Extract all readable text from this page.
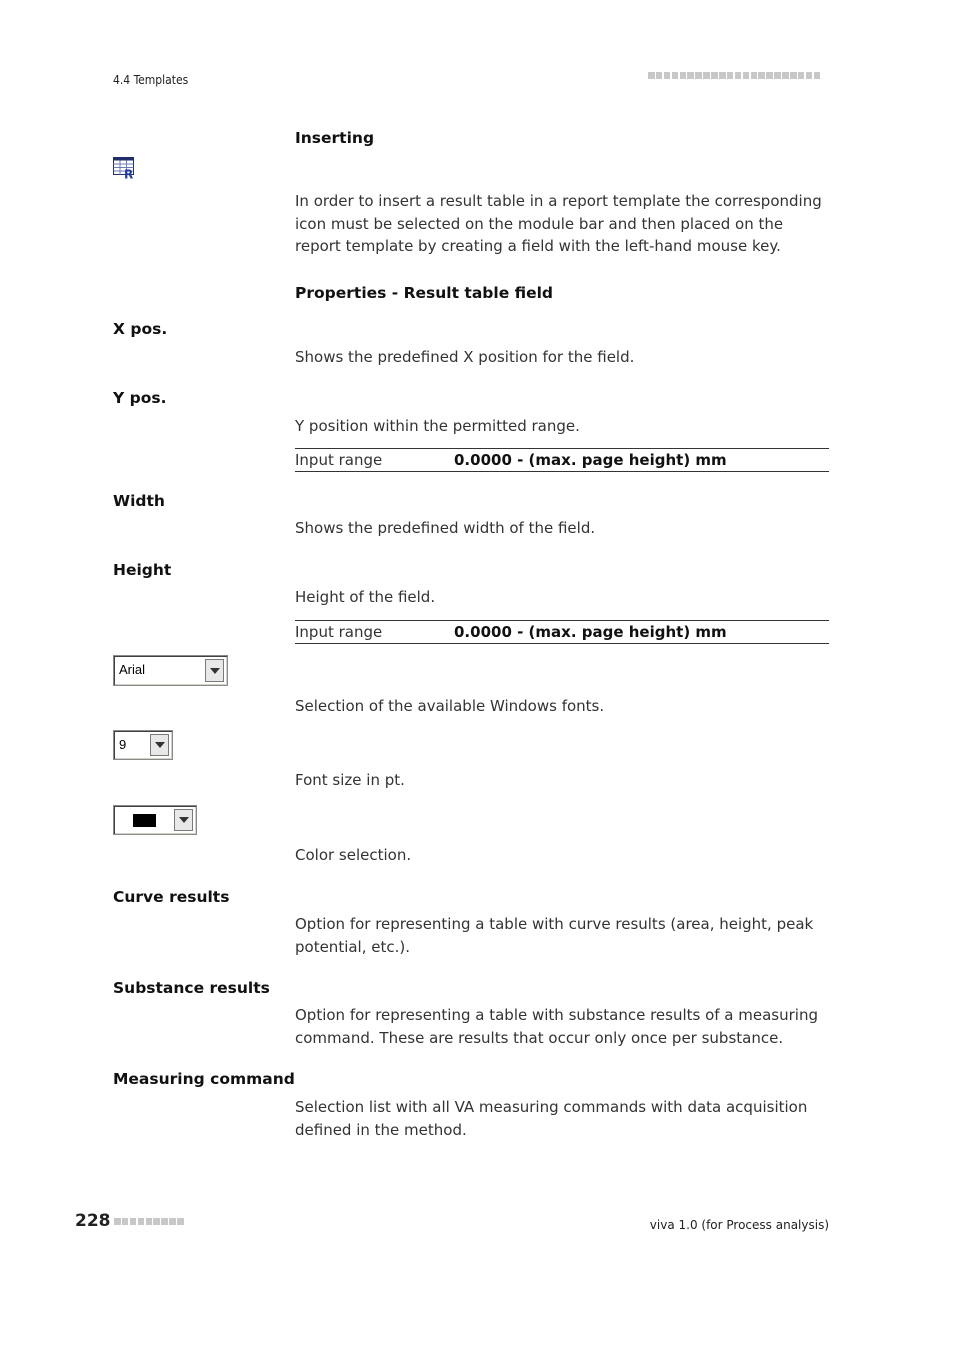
4.4 Templates
Inserting
R
In order to insert a result table in a report template the corresponding icon must be selected on the module bar and then placed on the report template by creating a field with the left-hand mouse key.
Properties - Result table field
X pos.
Shows the predefined X position for the field.
Y pos.
Y position within the permitted range.
Input range	0.0000 - (max. page height) mm
Width
Shows the predefined width of the field.
Height
Height of the field.
Input range	0.0000 - (max. page height) mm
Arial
Selection of the available Windows fonts.
9
Font size in pt.
Color selection.
Curve results
Option for representing a table with curve results (area, height, peak potential, etc.).
Substance results
Option for representing a table with substance results of a measuring command. These are results that occur only once per substance.
Measuring command
Selection list with all VA measuring commands with data acquisition defined in the method.
228	viva 1.0 (for Process analysis)
